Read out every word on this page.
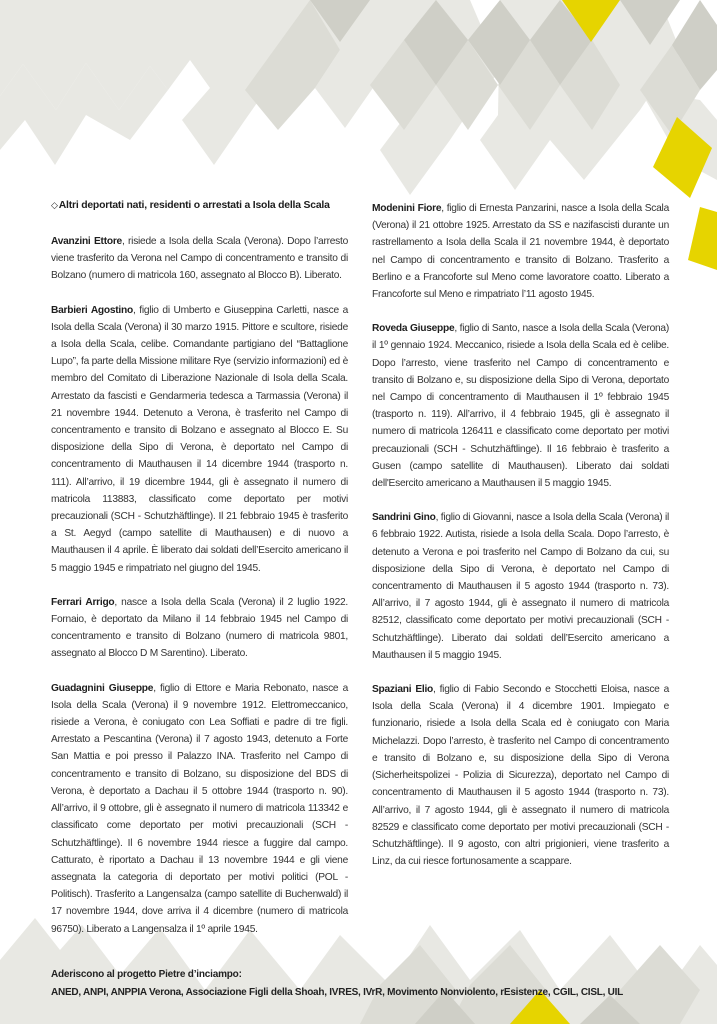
◇Altri deportati nati, residenti o arrestati a Isola della Scala

Avanzini Ettore, risiede a Isola della Scala (Verona). Dopo l’arresto viene trasferito da Verona nel Campo di concentramento e transito di Bolzano (numero di matricola 160, assegnato al Blocco B). Liberato.

Barbieri Agostino, figlio di Umberto e Giuseppina Carletti, nasce a Isola della Scala (Verona) il 30 marzo 1915. Pittore e scultore, risiede a Isola della Scala, celibe. Comandante partigiano del “Battaglione Lupo”, fa parte della Missione militare Rye (servizio informazioni) ed è membro del Comitato di Liberazione Nazionale di Isola della Scala. Arrestato da fascisti e Gendarmeria tedesca a Tarmassia (Verona) il 21 novembre 1944. Detenuto a Verona, è trasferito nel Campo di concentramento e transito di Bolzano e assegnato al Blocco E. Su disposizione della Sipo di Verona, è deportato nel Campo di concentramento di Mauthausen il 14 dicembre 1944 (trasporto n. 111). All’arrivo, il 19 dicembre 1944, gli è assegnato il numero di matricola 113883, classificato come deportato per motivi precauzionali (SCH - Schutzhäftlinge). Il 21 febbraio 1945 è trasferito a St. Aegyd (campo satellite di Mauthausen) e di nuovo a Mauthausen il 4 aprile. È liberato dai soldati dell’Esercito americano il 5 maggio 1945 e rimpatriato nel giugno del 1945.

Ferrari Arrigo, nasce a Isola della Scala (Verona) il 2 luglio 1922. Fornaio, è deportato da Milano il 14 febbraio 1945 nel Campo di concentramento e transito di Bolzano (numero di matricola 9801, assegnato al Blocco D M Sarentino). Liberato.

Guadagnini Giuseppe, figlio di Ettore e Maria Rebonato, nasce a Isola della Scala (Verona) il 9 novembre 1912. Elettromeccanico, risiede a Verona, è coniugato con Lea Soffiati e padre di tre figli. Arrestato a Pescantina (Verona) il 7 agosto 1943, detenuto a Forte San Mattia e poi presso il Palazzo INA. Trasferito nel Campo di concentramento e transito di Bolzano, su disposizione del BDS di Verona, è deportato a Dachau il 5 ottobre 1944 (trasporto n. 90). All’arrivo, il 9 ottobre, gli è assegnato il numero di matricola 113342 e classificato come deportato per motivi precauzionali (SCH - Schutzhäftlinge). Il 6 novembre 1944 riesce a fuggire dal campo. Catturato, è riportato a Dachau il 13 novembre 1944 e gli viene assegnata la categoria di deportato per motivi politici (POL - Politisch). Trasferito a Langensalza (campo satellite di Buchenwald) il 17 novembre 1944, dove arriva il 4 dicembre (numero di matricola 96750). Liberato a Langensalza il 1º aprile 1945.

Modenini Fiore, figlio di Ernesta Panzarini, nasce a Isola della Scala (Verona) il 21 ottobre 1925. Arrestato da SS e nazifascisti durante un rastrellamento a Isola della Scala il 21 novembre 1944, è deportato nel Campo di concentramento e transito di Bolzano. Trasferito a Berlino e a Francoforte sul Meno come lavoratore coatto. Liberato a Francoforte sul Meno e rimpatriato l’11 agosto 1945.

Roveda Giuseppe, figlio di Santo, nasce a Isola della Scala (Verona) il 1º gennaio 1924. Meccanico, risiede a Isola della Scala ed è celibe. Dopo l’arresto, viene trasferito nel Campo di concentramento e transito di Bolzano e, su disposizione della Sipo di Verona, deportato nel Campo di concentramento di Mauthausen il 1º febbraio 1945 (trasporto n. 119). All’arrivo, il 4 febbraio 1945, gli è assegnato il numero di matricola 126411 e classificato come deportato per motivi precauzionali (SCH - Schutzhäftlinge). Il 16 febbraio è trasferito a Gusen (campo satellite di Mauthausen). Liberato dai soldati dell'Esercito americano a Mauthausen il 5 maggio 1945.

Sandrini Gino, figlio di Giovanni, nasce a Isola della Scala (Verona) il 6 febbraio 1922. Autista, risiede a Isola della Scala. Dopo l’arresto, è detenuto a Verona e poi trasferito nel Campo di Bolzano da cui, su disposizione della Sipo di Verona, è deportato nel Campo di concentramento di Mauthausen il 5 agosto 1944 (trasporto n. 73). All’arrivo, il 7 agosto 1944, gli è assegnato il numero di matricola 82512, classificato come deportato per motivi precauzionali (SCH - Schutzhäftlinge). Liberato dai soldati dell’Esercito americano a Mauthausen il 5 maggio 1945.

Spaziani Elio, figlio di Fabio Secondo e Stocchetti Eloisa, nasce a Isola della Scala (Verona) il 4 dicembre 1901. Impiegato e funzionario, risiede a Isola della Scala ed è coniugato con Maria Michelazzi. Dopo l’arresto, è trasferito nel Campo di concentramento e transito di Bolzano e, su disposizione della Sipo di Verona (Sicherheitspolizei - Polizia di Sicurezza), deportato nel Campo di concentramento di Mauthausen il 5 agosto 1944 (trasporto n. 73). All’arrivo, il 7 agosto 1944, gli è assegnato il numero di matricola 82529 e classificato come deportato per motivi precauzionali (SCH - Schutzhäftlinge). Il 9 agosto, con altri prigionieri, viene trasferito a Linz, da cui riesce fortunosamente a scappare.

Aderiscono al progetto Pietre d’inciampo:
ANED, ANPI, ANPPIA Verona, Associazione Figli della Shoah, IVRES, IVrR, Movimento Nonviolento, rEsistenze, CGIL, CISL, UIL
